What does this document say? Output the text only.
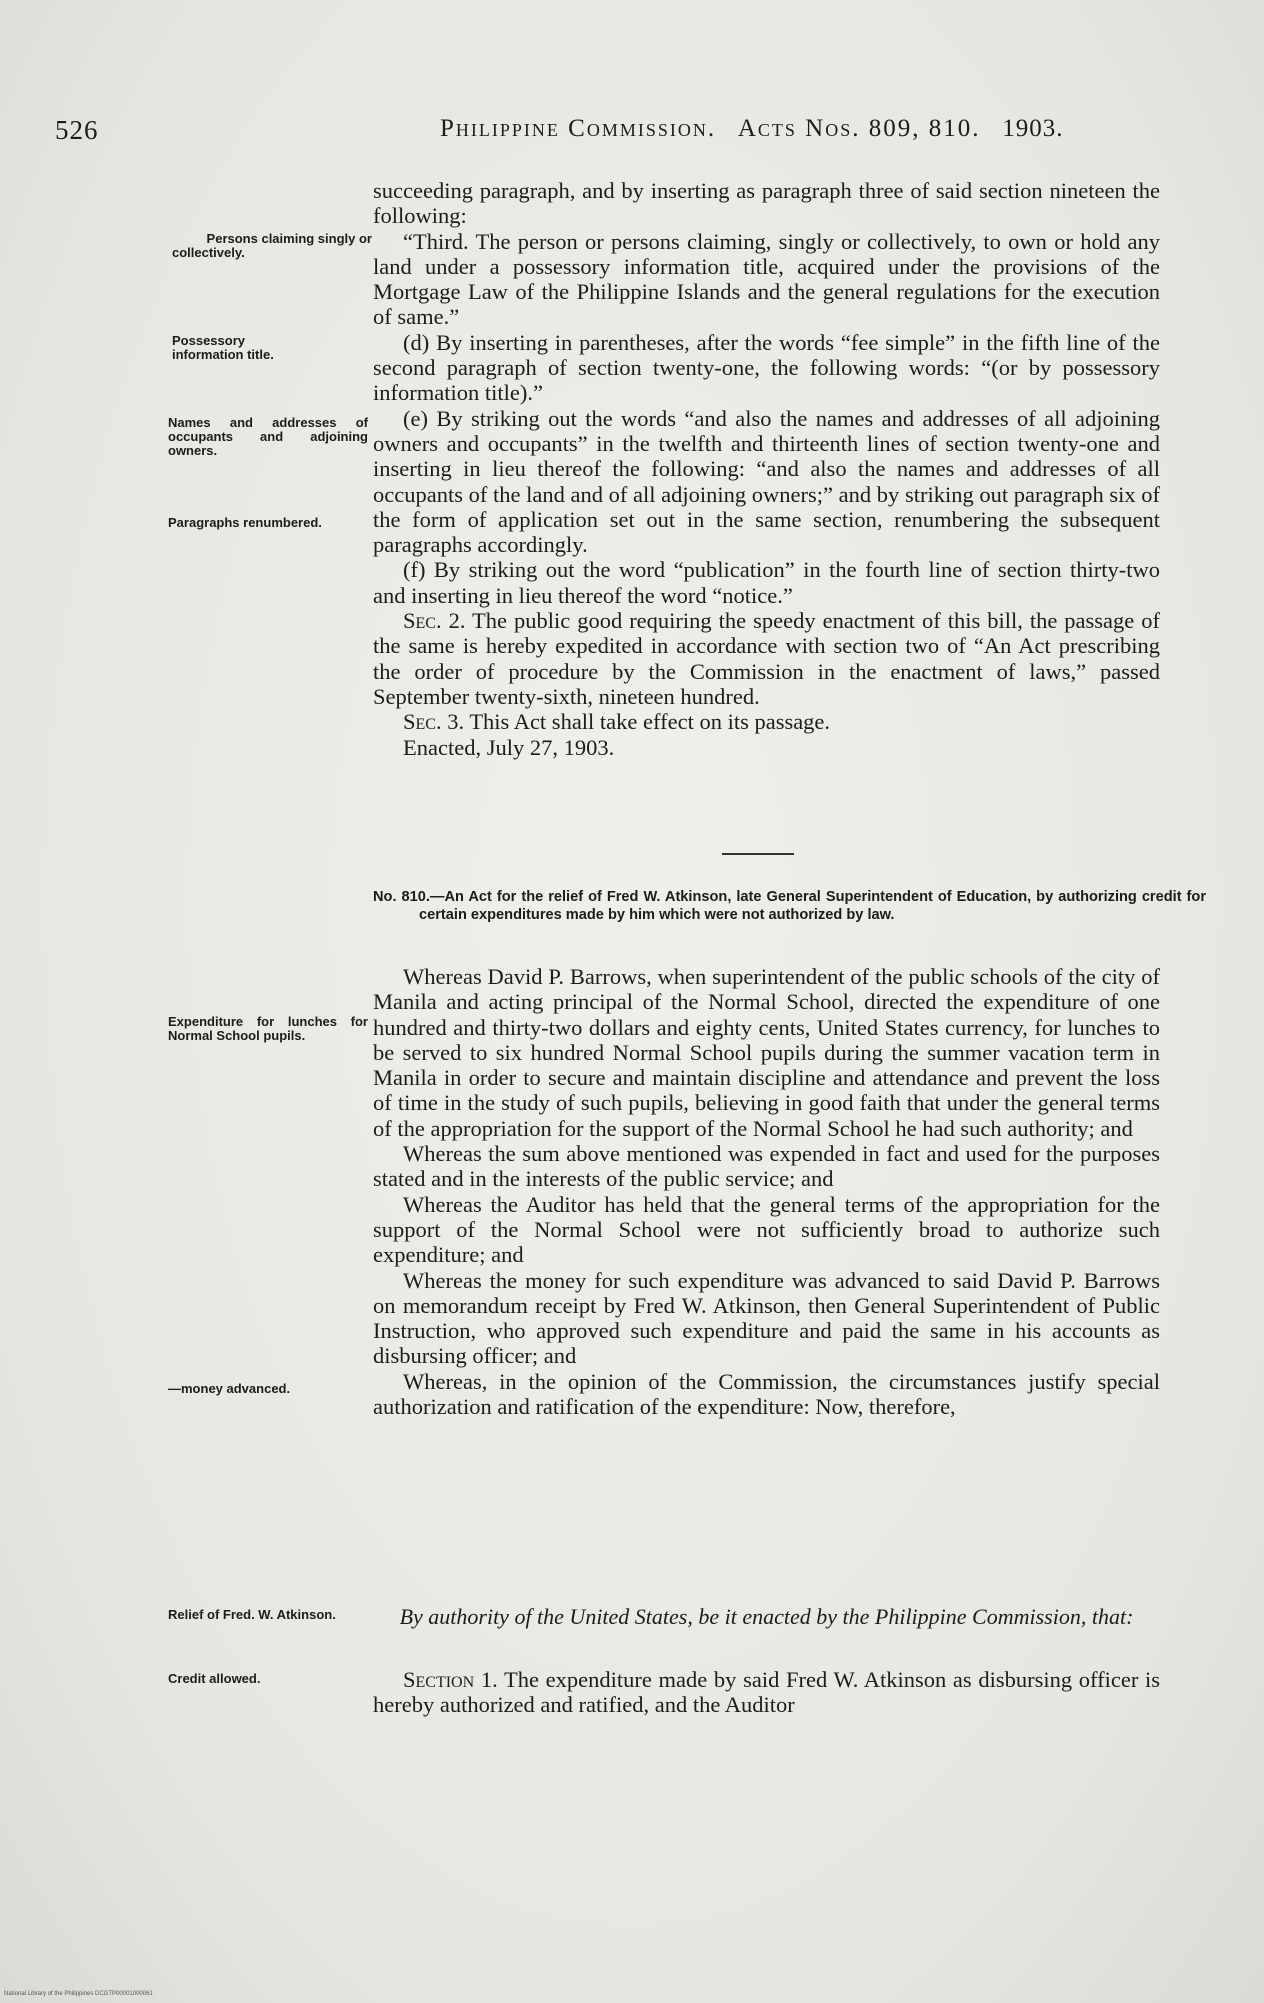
526	Philippine Commission. Acts Nos. 809, 810. 1903.
Persons claiming singly or collectively.
Possessory information title.
Names and addresses of occupants and adjoining owners.
Paragraphs renumbered.
Expenditure for lunches for Normal School pupils.
—money advanced.
Relief of Fred. W. Atkinson.
Credit allowed.

succeeding paragraph, and by inserting as paragraph three of said section nineteen the following:

“Third. The person or persons claiming, singly or collectively, to own or hold any land under a possessory information title, acquired under the provisions of the Mortgage Law of the Philippine Islands and the general regulations for the execution of same.”

(d) By inserting in parentheses, after the words “fee simple” in the fifth line of the second paragraph of section twenty-one, the following words: “(or by possessory information title).”

(e) By striking out the words “and also the names and addresses of all adjoining owners and occupants” in the twelfth and thirteenth lines of section twenty-one and inserting in lieu thereof the following: “and also the names and addresses of all occupants of the land and of all adjoining owners;” and by striking out paragraph six of the form of application set out in the same section, renumbering the subsequent paragraphs accordingly.

(f) By striking out the word “publication” in the fourth line of section thirty-two and inserting in lieu thereof the word “notice.”

Sec. 2. The public good requiring the speedy enactment of this bill, the passage of the same is hereby expedited in accordance with section two of “An Act prescribing the order of procedure by the Commission in the enactment of laws,” passed September twenty-sixth, nineteen hundred.

Sec. 3. This Act shall take effect on its passage.

Enacted, July 27, 1903.

No. 810.—An Act for the relief of Fred W. Atkinson, late General Superintendent of Education, by authorizing credit for certain expenditures made by him which were not authorized by law.

Whereas David P. Barrows, when superintendent of the public schools of the city of Manila and acting principal of the Normal School, directed the expenditure of one hundred and thirty-two dollars and eighty cents, United States currency, for lunches to be served to six hundred Normal School pupils during the summer vacation term in Manila in order to secure and maintain discipline and attendance and prevent the loss of time in the study of such pupils, believing in good faith that under the general terms of the appropriation for the support of the Normal School he had such authority; and

Whereas the sum above mentioned was expended in fact and used for the purposes stated and in the interests of the public service; and

Whereas the Auditor has held that the general terms of the appropriation for the support of the Normal School were not sufficiently broad to authorize such expenditure; and

Whereas the money for such expenditure was advanced to said David P. Barrows on memorandum receipt by Fred W. Atkinson, then General Superintendent of Public Instruction, who approved such expenditure and paid the same in his accounts as disbursing officer; and

Whereas, in the opinion of the Commission, the circumstances justify special authorization and ratification of the expenditure: Now, therefore,

By authority of the United States, be it enacted by the Philippine Commission, that:

Section 1. The expenditure made by said Fred W. Atkinson as disbursing officer is hereby authorized and ratified, and the Auditor

National Library of the Philippines DCGTP00001000061
